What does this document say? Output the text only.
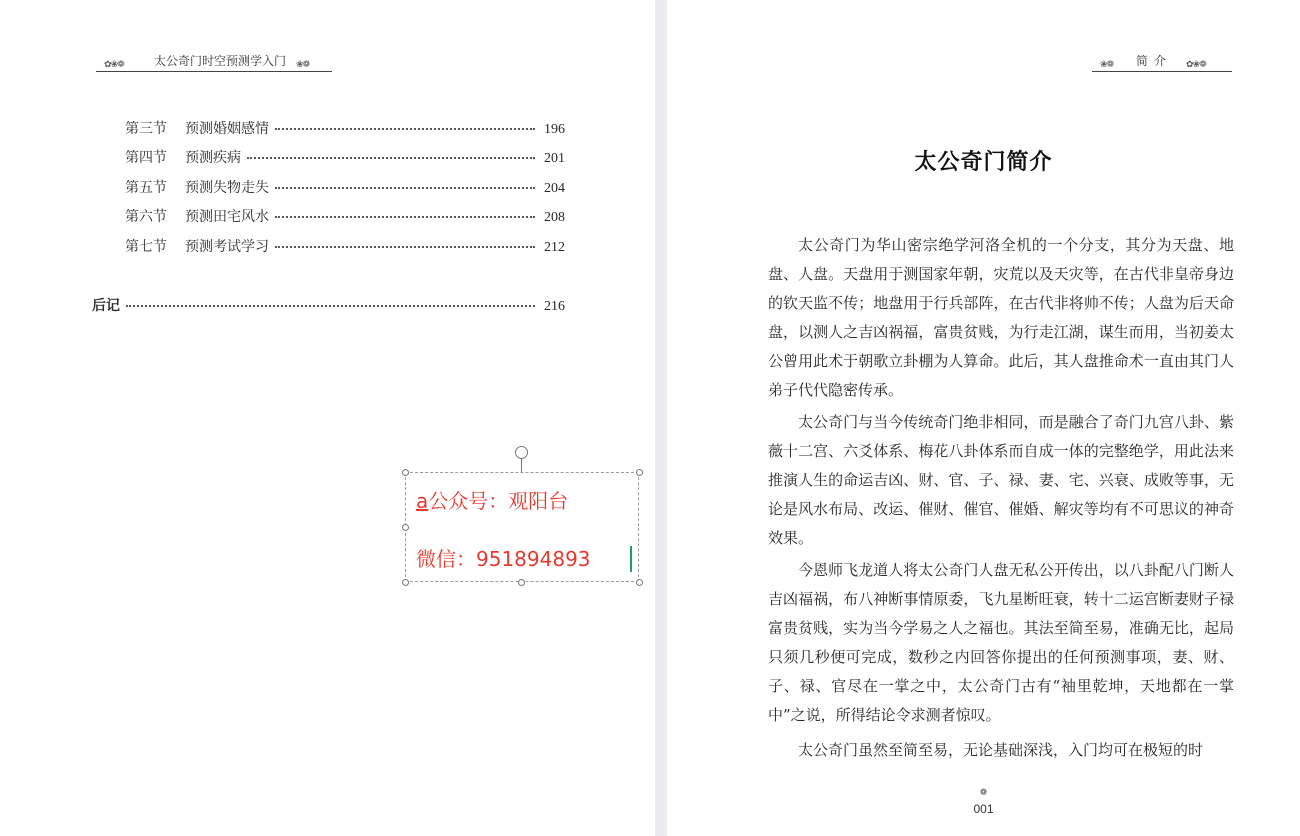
✿❀❁	太公奇门时空预测学入门 ❀❁
第三节	预测婚姻感情	196
第四节	预测疾病	201
第五节	预测失物走失	204
第六节	预测田宅风水	208
第七节	预测考试学习	212
后记	216
a公众号：观阳台
微信：951894893
❀❁ 简介 ✿❀❁
太公奇门简介

太公奇门为华山密宗绝学河洛全机的一个分支，其分为天盘、地盘、人盘。天盘用于测国家年朝，灾荒以及天灾等，在古代非皇帝身边的钦天监不传；地盘用于行兵部阵，在古代非将帅不传；人盘为后天命盘，以测人之吉凶祸福，富贵贫贱，为行走江湖，谋生而用，当初姜太公曾用此术于朝歌立卦棚为人算命。此后，其人盘推命术一直由其门人弟子代代隐密传承。

太公奇门与当今传统奇门绝非相同，而是融合了奇门九宫八卦、紫薇十二宫、六爻体系、梅花八卦体系而自成一体的完整绝学，用此法来推演人生的命运吉凶、财、官、子、禄、妻、宅、兴衰、成败等事，无论是风水布局、改运、催财、催官、催婚、解灾等均有不可思议的神奇效果。

今恩师飞龙道人将太公奇门人盘无私公开传出，以八卦配八门断人吉凶福祸，布八神断事情原委，飞九星断旺衰，转十二运宫断妻财子禄富贵贫贱，实为当今学易之人之福也。其法至简至易，准确无比，起局只须几秒便可完成，数秒之内回答你提出的任何预测事项，妻、财、子、禄、官尽在一掌之中，太公奇门古有“袖里乾坤，天地都在一掌中”之说，所得结论令求测者惊叹。

太公奇门虽然至简至易，无论基础深浅，入门均可在极短的时

❁
001
